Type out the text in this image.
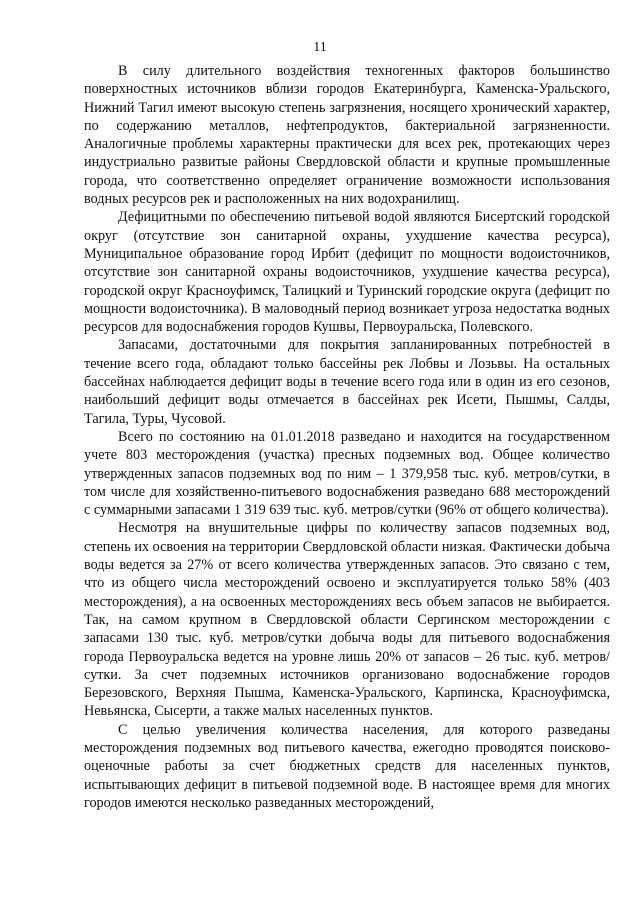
11

В силу длительного воздействия техногенных факторов большинство поверхностных источников вблизи городов Екатеринбурга, Каменска-Уральского, Нижний Тагил имеют высокую степень загрязнения, носящего хронический характер, по содержанию металлов, нефтепродуктов, бактериальной загрязненности. Аналогичные проблемы характерны практически для всех рек, протекающих через индустриально развитые районы Свердловской области и крупные промышленные города, что соответственно определяет ограничение возможности использования водных ресурсов рек и расположенных на них водохранилищ.

Дефицитными по обеспечению питьевой водой являются Бисертский городской округ (отсутствие зон санитарной охраны, ухудшение качества ресурса), Муниципальное образование город Ирбит (дефицит по мощности водоисточников, отсутствие зон санитарной охраны водоисточников, ухудшение качества ресурса), городской округ Красноуфимск, Талицкий и Туринский городские округа (дефицит по мощности водоисточника). В маловодный период возникает угроза недостатка водных ресурсов для водоснабжения городов Кушвы, Первоуральска, Полевского.

Запасами, достаточными для покрытия запланированных потребностей в течение всего года, обладают только бассейны рек Лобвы и Лозьвы. На остальных бассейнах наблюдается дефицит воды в течение всего года или в один из его сезонов, наибольший дефицит воды отмечается в бассейнах рек Исети, Пышмы, Салды, Тагила, Туры, Чусовой.

Всего по состоянию на 01.01.2018 разведано и находится на государственном учете 803 месторождения (участка) пресных подземных вод. Общее количество утвержденных запасов подземных вод по ним – 1 379,958 тыс. куб. метров/сутки, в том числе для хозяйственно-питьевого водоснабжения разведано 688 месторождений с суммарными запасами 1 319 639 тыс. куб. метров/сутки (96% от общего количества).

Несмотря на внушительные цифры по количеству запасов подземных вод, степень их освоения на территории Свердловской области низкая. Фактически добыча воды ведется за 27% от всего количества утвержденных запасов. Это связано с тем, что из общего числа месторождений освоено и эксплуатируется только 58% (403 месторождения), а на освоенных месторождениях весь объем запасов не выбирается. Так, на самом крупном в Свердловской области Сергинском месторождении с запасами 130 тыс. куб. метров/сутки добыча воды для питьевого водоснабжения города Первоуральска ведется на уровне лишь 20% от запасов – 26 тыс. куб. метров/сутки. За счет подземных источников организовано водоснабжение городов Березовского, Верхняя Пышма, Каменска-Уральского, Карпинска, Красноуфимска, Невьянска, Сысерти, а также малых населенных пунктов.

С целью увеличения количества населения, для которого разведаны месторождения подземных вод питьевого качества, ежегодно проводятся поисково-оценочные работы за счет бюджетных средств для населенных пунктов, испытывающих дефицит в питьевой подземной воде. В настоящее время для многих городов имеются несколько разведанных месторождений,
